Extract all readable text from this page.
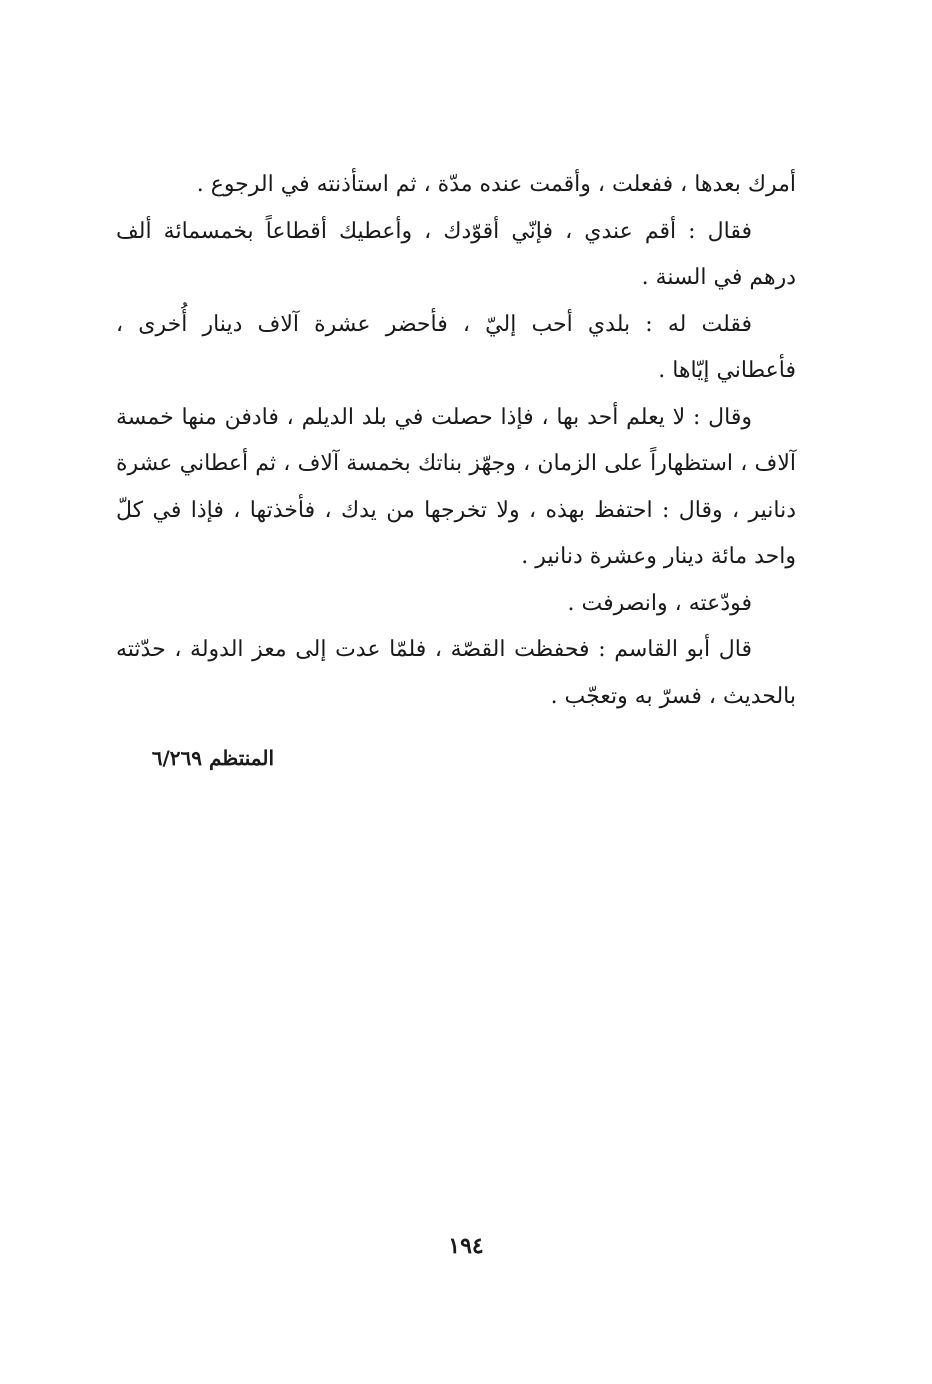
أمرك بعدها ، ففعلت ، وأقمت عنده مدّة ، ثم استأذنته في الرجوع .
فقال : أقم عندي ، فإنّي أقوّدك ، وأعطيك أقطاعاً بخمسمائة ألف
درهم في السنة .
فقلت له : بلدي أحب إليّ ، فأحضر عشرة آلاف دينار أُخرى ،
فأعطاني إيّاها .
وقال : لا يعلم أحد بها ، فإذا حصلت في بلد الديلم ، فادفن منها خمسة
آلاف ، استظهاراً على الزمان ، وجهّز بناتك بخمسة آلاف ، ثم أعطاني عشرة
دنانير ، وقال : احتفظ بهذه ، ولا تخرجها من يدك ، فأخذتها ، فإذا في كلّ
واحد مائة دينار وعشرة دنانير .
فودّعته ، وانصرفت .
قال أبو القاسم : فحفظت القصّة ، فلمّا عدت إلى معز الدولة ، حدّثته
بالحديث ، فسرّ به وتعجّب .
المنتظم ٦/٢٦٩
١٩٤
